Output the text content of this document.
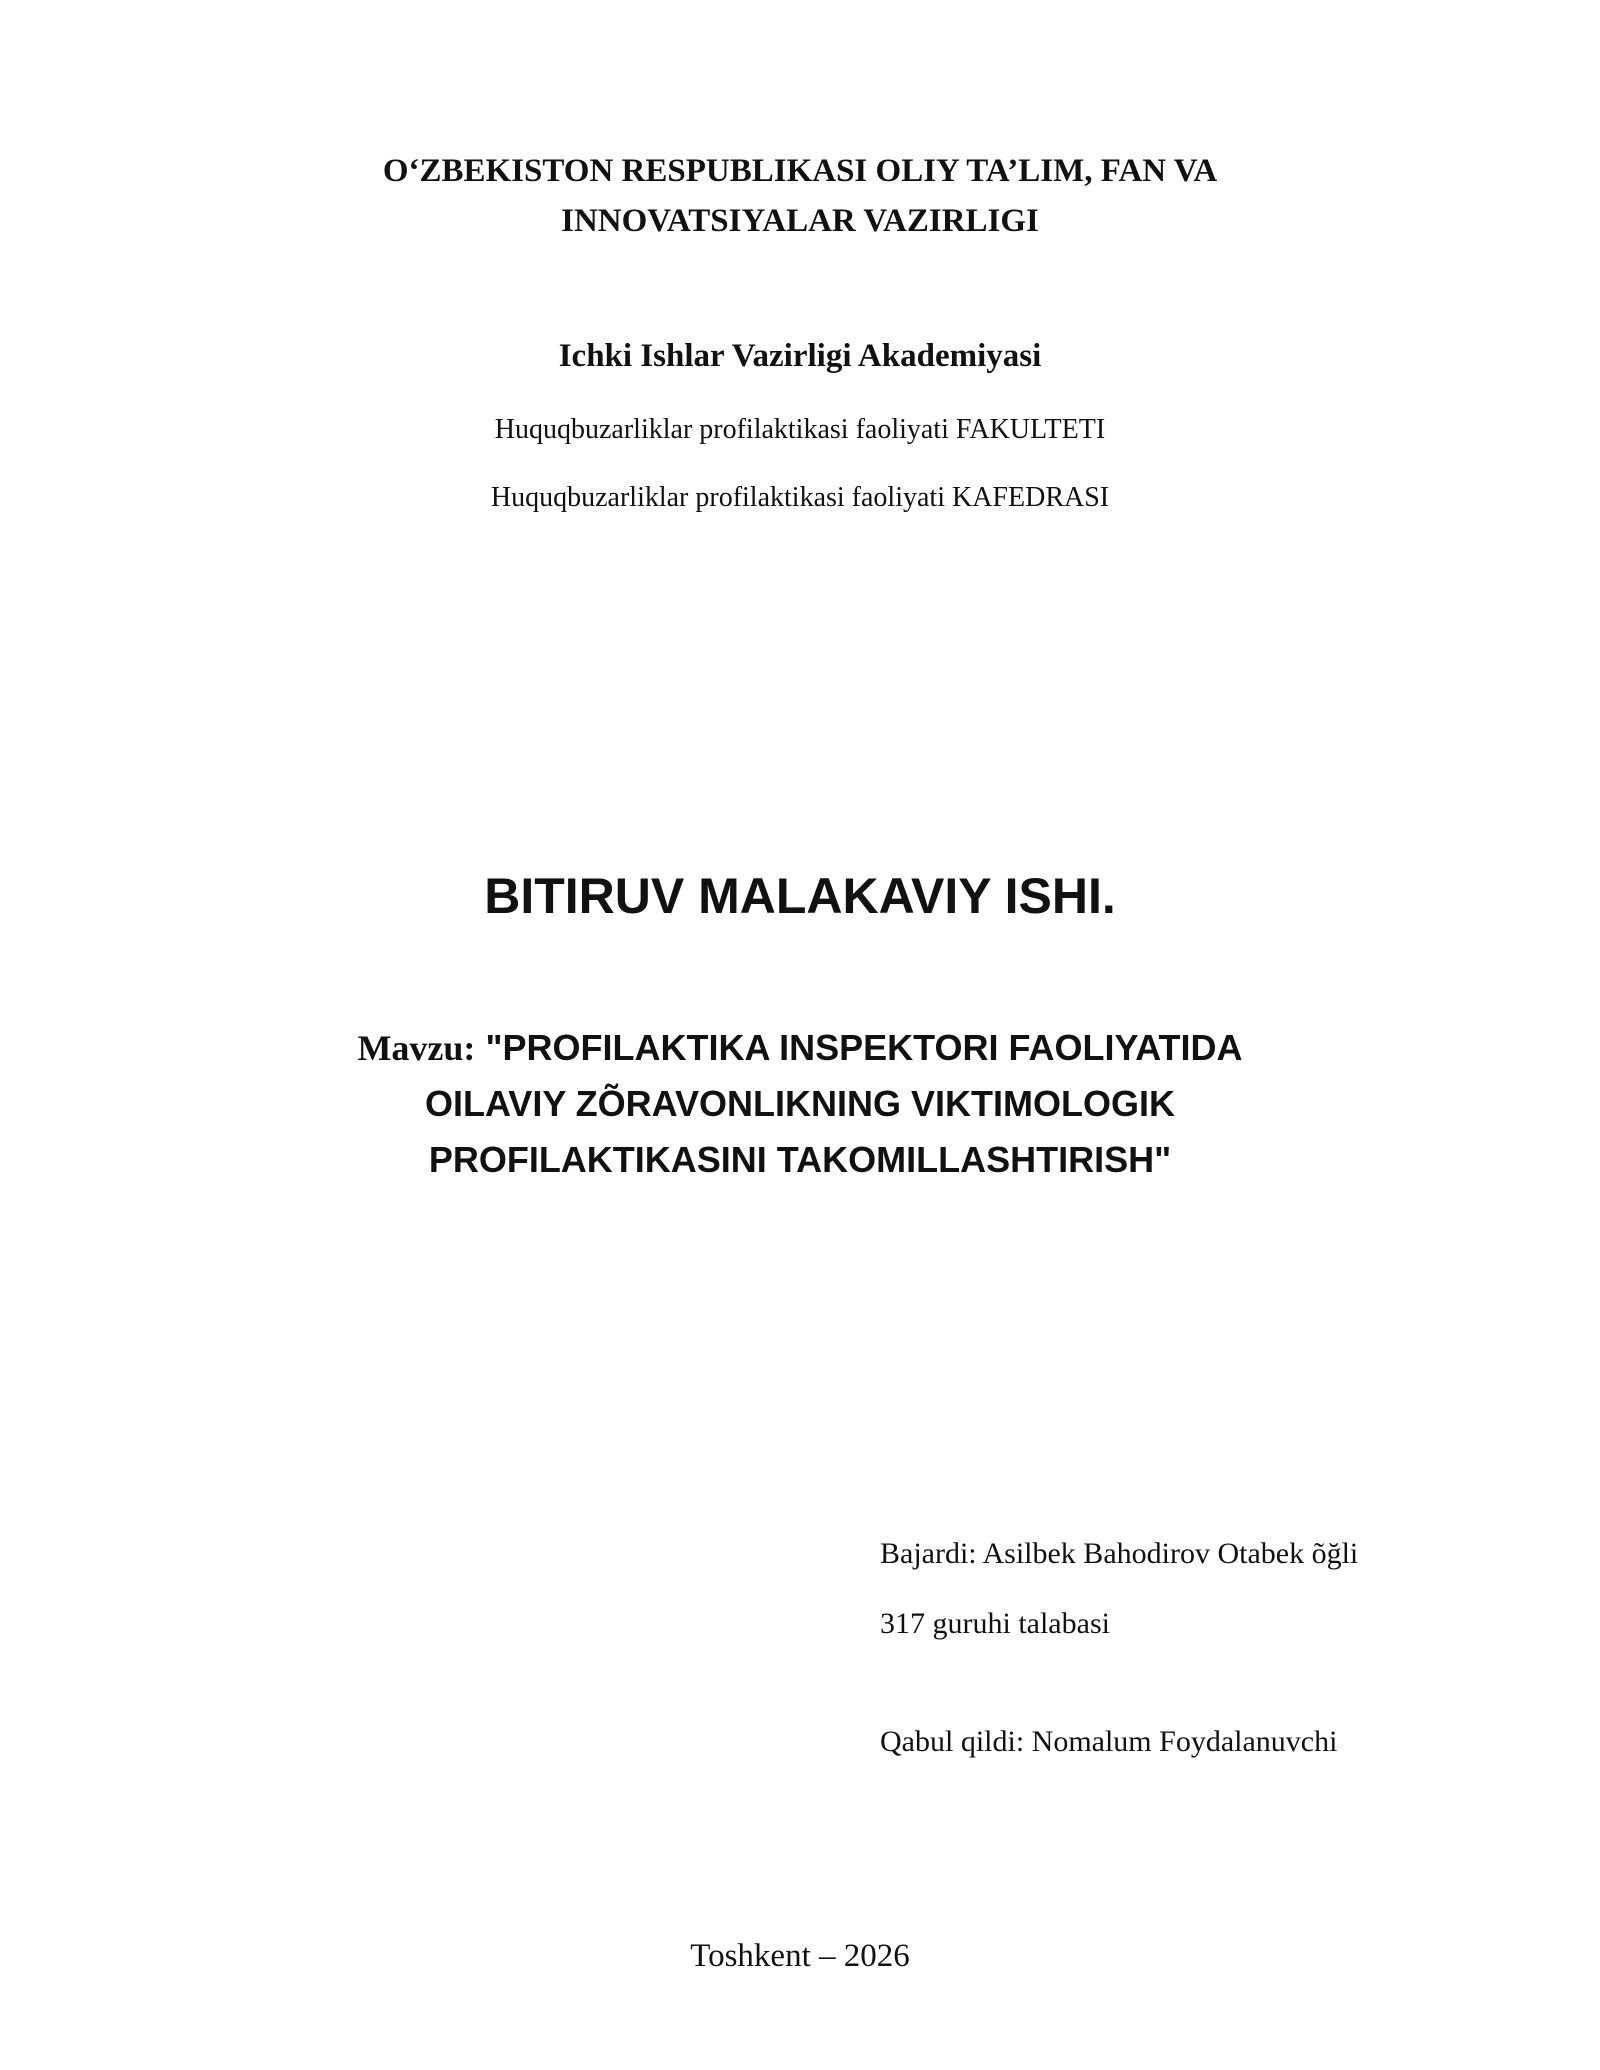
O‘ZBEKISTON RESPUBLIKASI OLIY TA’LIM, FAN VA
INNOVATSIYALAR VAZIRLIGI
Ichki Ishlar Vazirligi Akademiyasi
Huquqbuzarliklar profilaktikasi faoliyati FAKULTETI
Huquqbuzarliklar profilaktikasi faoliyati KAFEDRASI
BITIRUV MALAKAVIY ISHI.
Mavzu: "PROFILAKTIKA INSPEKTORI FAOLIYATIDA
OILAVIY ZÕRAVONLIKNING VIKTIMOLOGIK
PROFILAKTIKASINI TAKOMILLASHTIRISH"
Bajardi: Asilbek Bahodirov Otabek õğli
317 guruhi talabasi
Qabul qildi: Nomalum Foydalanuvchi
Toshkent – 2026
